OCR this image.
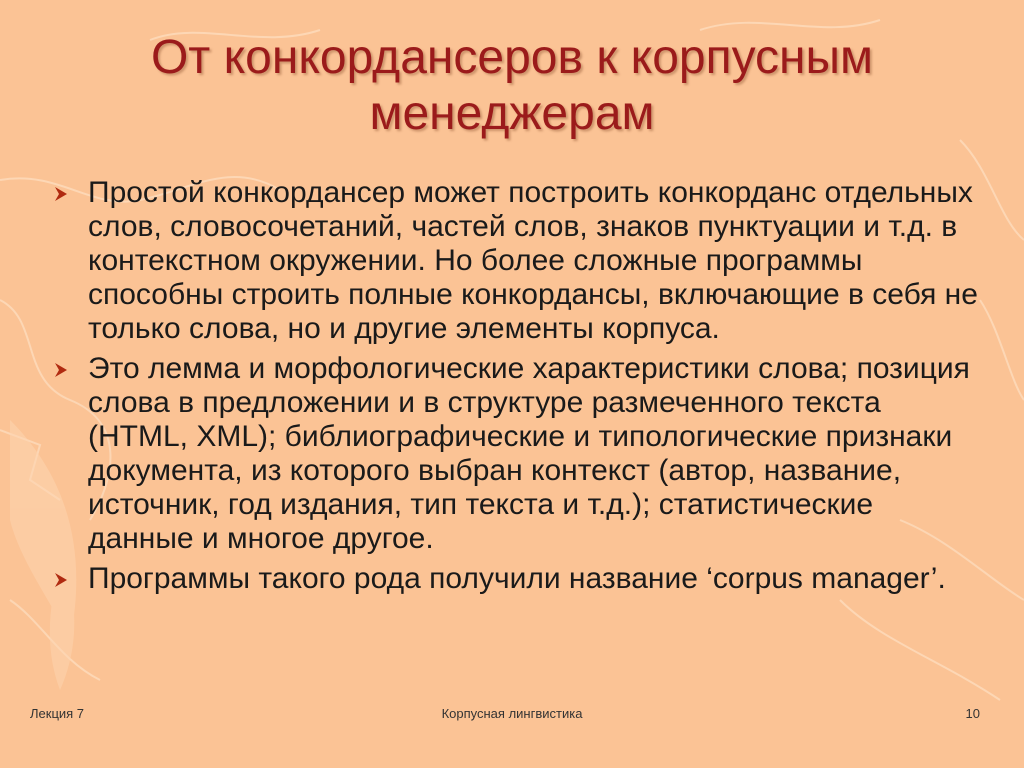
От конкордансеров к корпусным
менеджерам
Простой конкордансер может построить конкорданс отдельных слов, словосочетаний, частей слов, знаков пунктуации и т.д. в контекстном окружении. Но более сложные программы способны строить полные конкордансы, включающие в себя не только слова, но и другие элементы корпуса.
Это лемма и морфологические характеристики слова; позиция слова в предложении и в структуре размеченного текста (HTML, XML); библиографические и типологические признаки документа, из которого выбран контекст (автор, название, источник, год издания, тип текста и т.д.); статистические данные и многое другое.
Программы такого рода получили название ‘corpus manager’.
Лекция 7	Корпусная лингвистика	10
